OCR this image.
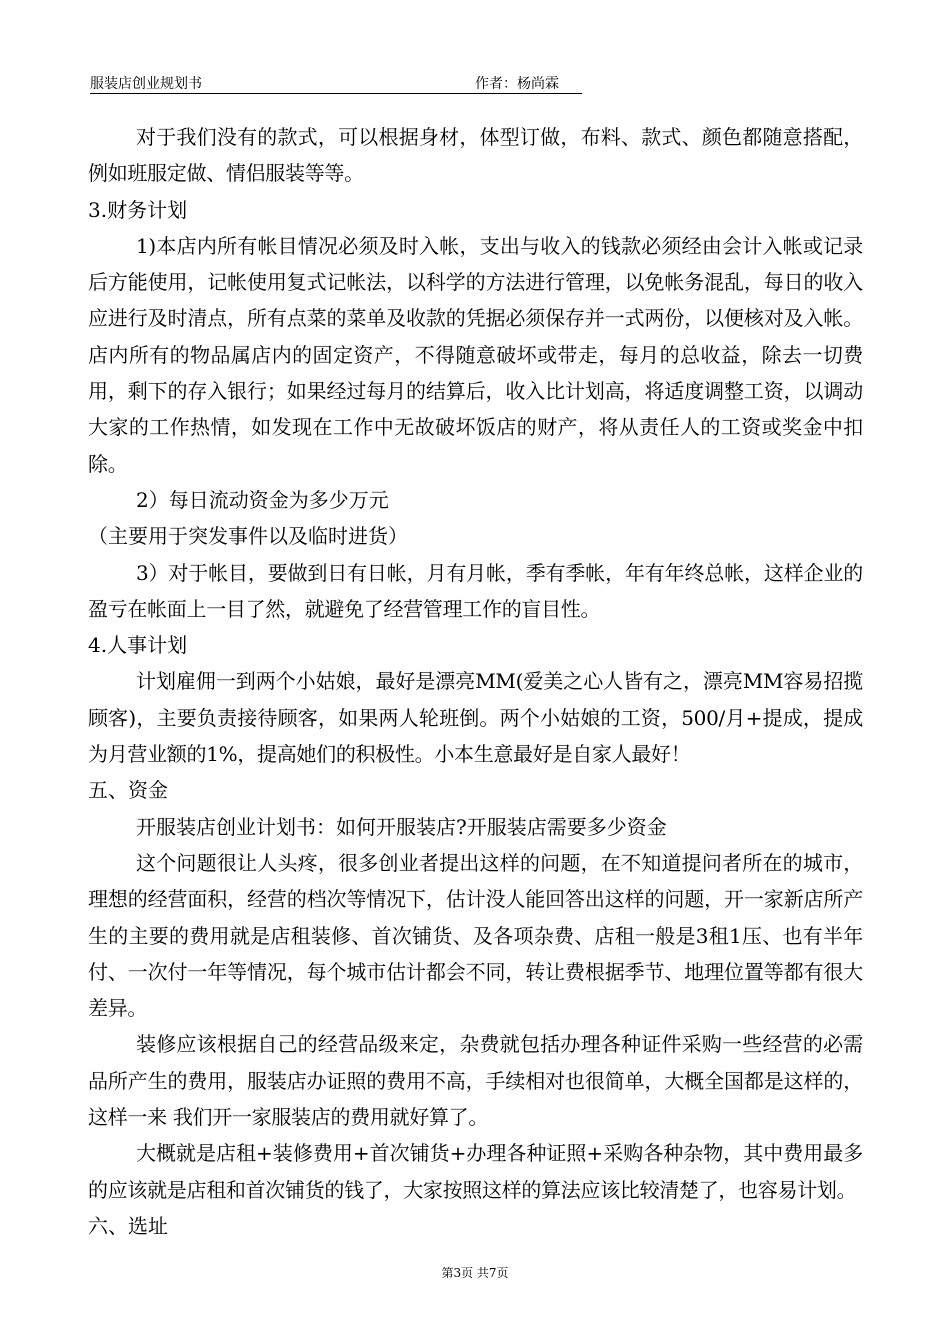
服装店创业规划书	作者：杨尚霖

对于我们没有的款式，可以根据身材，体型订做，布料、款式、颜色都随意搭配，例如班服定做、情侣服装等等。

3.财务计划

1)本店内所有帐目情况必须及时入帐，支出与收入的钱款必须经由会计入帐或记录后方能使用，记帐使用复式记帐法，以科学的方法进行管理，以免帐务混乱，每日的收入应进行及时清点，所有点菜的菜单及收款的凭据必须保存并一式两份，以便核对及入帐。店内所有的物品属店内的固定资产，不得随意破坏或带走，每月的总收益，除去一切费用，剩下的存入银行；如果经过每月的结算后，收入比计划高，将适度调整工资，以调动大家的工作热情，如发现在工作中无故破坏饭店的财产，将从责任人的工资或奖金中扣除。

2）每日流动资金为多少万元

（主要用于突发事件以及临时进货）

3）对于帐目，要做到日有日帐，月有月帐，季有季帐，年有年终总帐，这样企业的盈亏在帐面上一目了然，就避免了经营管理工作的盲目性。

4.人事计划

计划雇佣一到两个小姑娘，最好是漂亮MM(爱美之心人皆有之，漂亮MM容易招揽顾客)，主要负责接待顾客，如果两人轮班倒。两个小姑娘的工资，500/月+提成，提成为月营业额的1%，提高她们的积极性。小本生意最好是自家人最好！

五、资金

开服装店创业计划书：如何开服装店?开服装店需要多少资金

这个问题很让人头疼，很多创业者提出这样的问题，在不知道提问者所在的城市，理想的经营面积，经营的档次等情况下，估计没人能回答出这样的问题，开一家新店所产生的主要的费用就是店租装修、首次铺货、及各项杂费、店租一般是3租1压、也有半年付、一次付一年等情况，每个城市估计都会不同，转让费根据季节、地理位置等都有很大差异。

装修应该根据自己的经营品级来定，杂费就包括办理各种证件采购一些经营的必需品所产生的费用，服装店办证照的费用不高，手续相对也很简单，大概全国都是这样的，这样一来 我们开一家服装店的费用就好算了。

大概就是店租+装修费用+首次铺货+办理各种证照+采购各种杂物，其中费用最多的应该就是店租和首次铺货的钱了，大家按照这样的算法应该比较清楚了，也容易计划。

六、选址

第3页 共7页
